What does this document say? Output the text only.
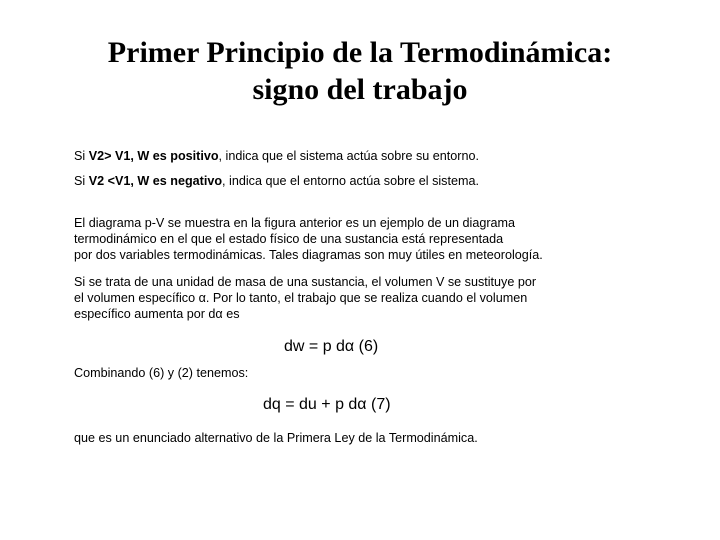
Primer Principio de la Termodinámica:
signo del trabajo

Si V2> V1, W es positivo, indica que el sistema actúa sobre su entorno.

Si V2 <V1, W es negativo, indica que el entorno actúa sobre el sistema.

El diagrama p-V se muestra en la figura anterior es un ejemplo de un diagrama
termodinámico en el que el estado físico de una sustancia está representada
por dos variables termodinámicas. Tales diagramas son muy útiles en meteorología.

Si se trata de una unidad de masa de una sustancia, el volumen V se sustituye por
el volumen específico α. Por lo tanto, el trabajo que se realiza cuando el volumen
específico aumenta por dα es

dw = p dα (6)

Combinando (6) y (2) tenemos:

dq = du + p dα (7)

que es un enunciado alternativo de la Primera Ley de la Termodinámica.
